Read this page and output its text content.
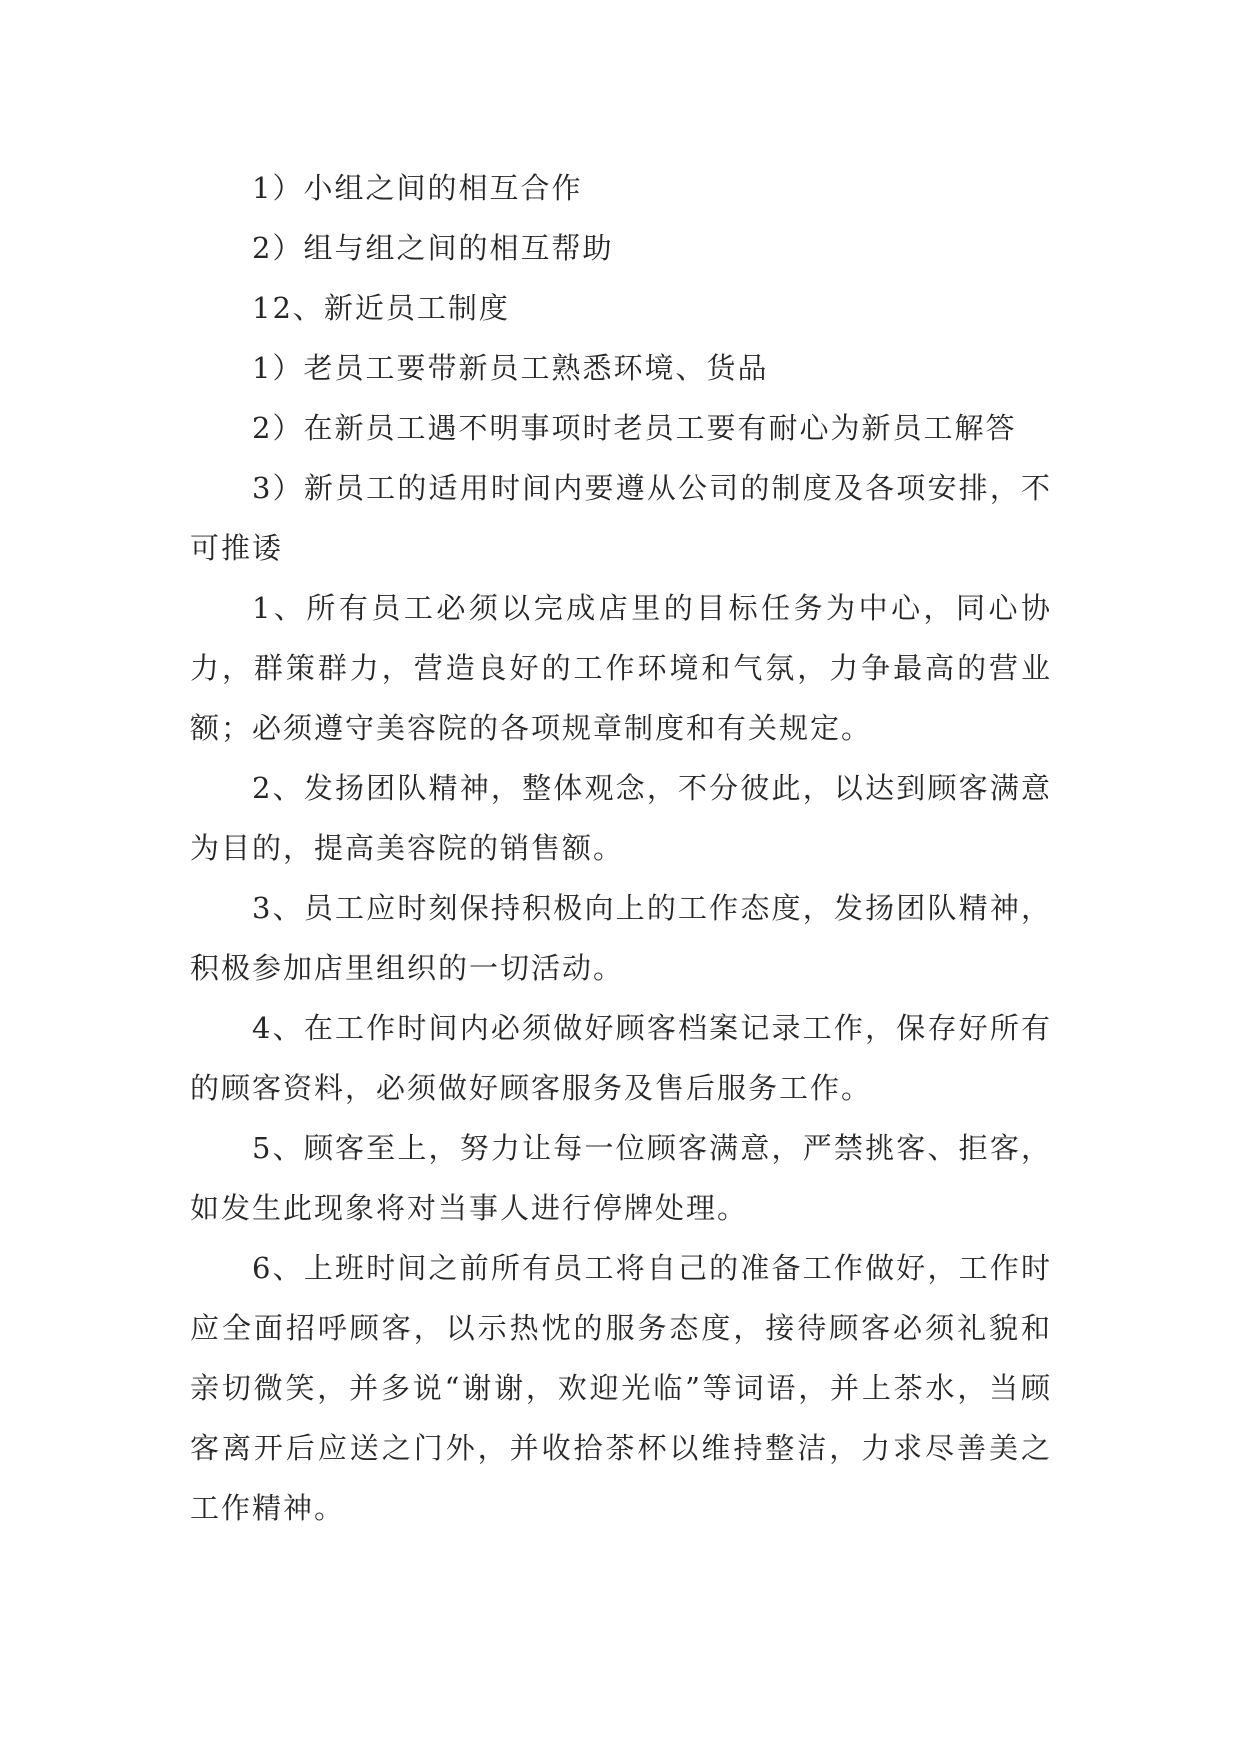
1）小组之间的相互合作

2）组与组之间的相互帮助

12、新近员工制度

1）老员工要带新员工熟悉环境、货品

2）在新员工遇不明事项时老员工要有耐心为新员工解答

3）新员工的适用时间内要遵从公司的制度及各项安排，不可推诿

1、所有员工必须以完成店里的目标任务为中心，同心协力，群策群力，营造良好的工作环境和气氛，力争最高的营业额；必须遵守美容院的各项规章制度和有关规定。

2、发扬团队精神，整体观念，不分彼此，以达到顾客满意为目的，提高美容院的销售额。

3、员工应时刻保持积极向上的工作态度，发扬团队精神，积极参加店里组织的一切活动。

4、在工作时间内必须做好顾客档案记录工作，保存好所有的顾客资料，必须做好顾客服务及售后服务工作。

5、顾客至上，努力让每一位顾客满意，严禁挑客、拒客，如发生此现象将对当事人进行停牌处理。

6、上班时间之前所有员工将自己的准备工作做好，工作时应全面招呼顾客，以示热忱的服务态度，接待顾客必须礼貌和亲切微笑，并多说“谢谢，欢迎光临”等词语，并上茶水，当顾客离开后应送之门外，并收拾茶杯以维持整洁，力求尽善美之工作精神。
